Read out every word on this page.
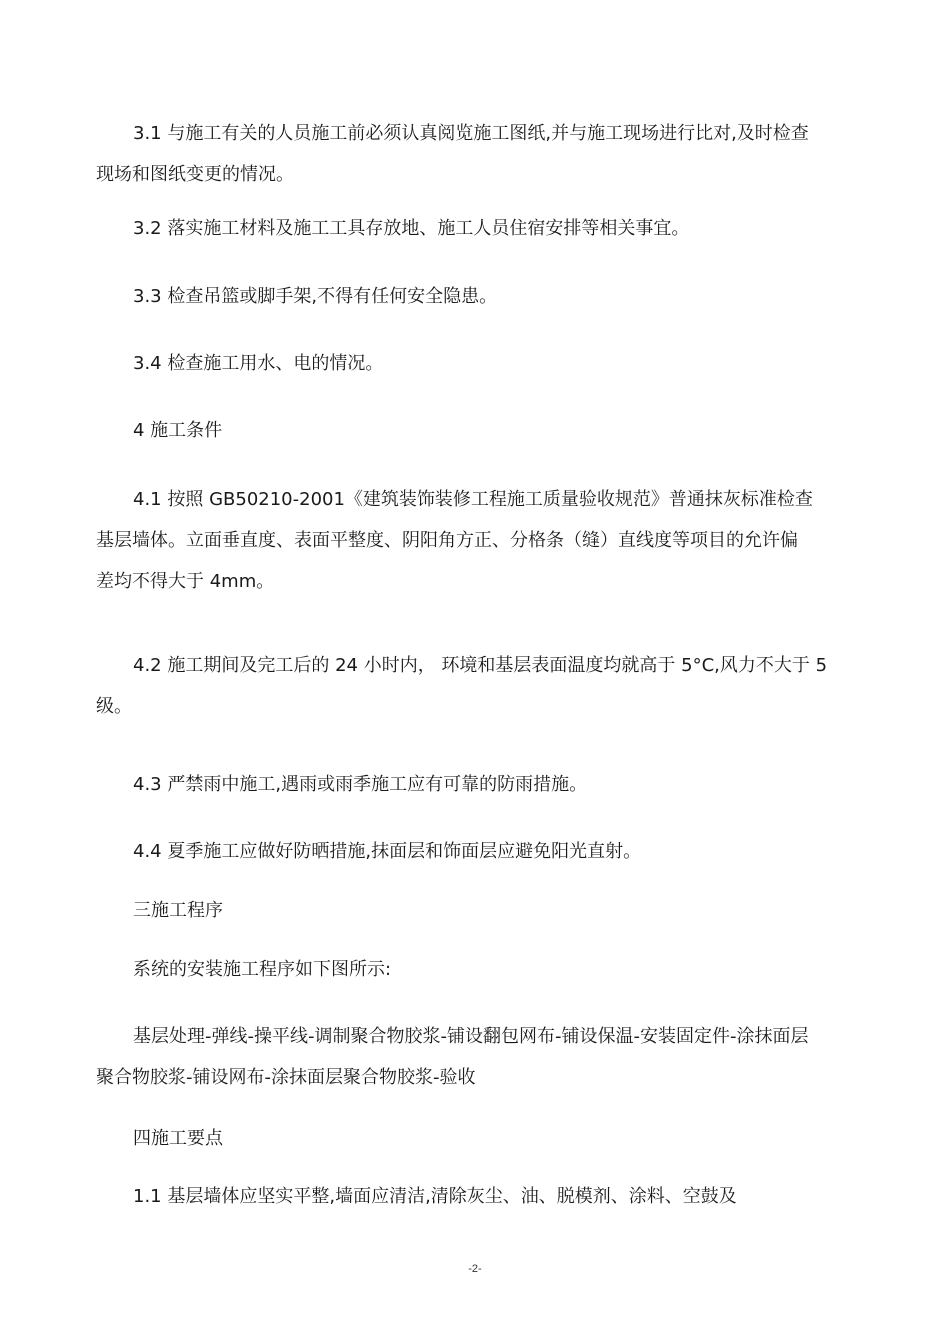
3.1 与施工有关的人员施工前必须认真阅览施工图纸,并与施工现场进行比对,及时检查
现场和图纸变更的情况。

3.2 落实施工材料及施工工具存放地、施工人员住宿安排等相关事宜。

3.3 检查吊篮或脚手架,不得有任何安全隐患。

3.4 检查施工用水、电的情况。

4 施工条件

4.1 按照 GB50210-2001《建筑装饰装修工程施工质量验收规范》普通抹灰标准检查
基层墙体。立面垂直度、表面平整度、阴阳角方正、分格条（缝）直线度等项目的允许偏
差均不得大于 4mm。

4.2 施工期间及完工后的 24 小时内， 环境和基层表面温度均就高于 5°C,风力不大于 5
级。

4.3 严禁雨中施工,遇雨或雨季施工应有可靠的防雨措施。

4.4 夏季施工应做好防晒措施,抹面层和饰面层应避免阳光直射。

三施工程序

系统的安装施工程序如下图所示:

基层处理-弹线-操平线-调制聚合物胶浆-铺设翻包网布-铺设保温-安装固定件-涂抹面层
聚合物胶浆-铺设网布-涂抹面层聚合物胶浆-验收

四施工要点

1.1 基层墙体应坚实平整,墙面应清洁,清除灰尘、油、脱模剂、涂料、空鼓及

-2-
